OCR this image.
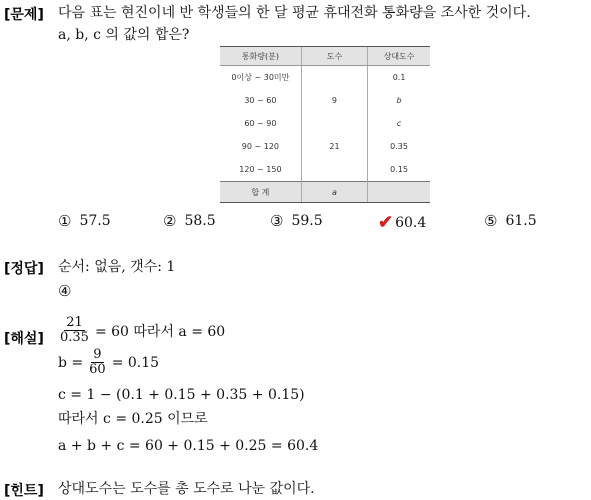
[문제] 다음 표는 현진이네 반 학생들의 한 달 평균 휴대전화 통화량을 조사한 것이다.
a, b, c 의 값의 합은?
통화량(분)	도수	상대도수
0이상 ~ 30미만		0.1
30 ~ 60	9	b
60 ~ 90		c
90 ~ 120	21	0.35
120 ~ 150		0.15
합 계	a	
① 57.5	② 58.5	③ 59.5	✔ 60.4	⑤ 61.5
[정답] 순서: 없음, 갯수: 1
④
[해설] $\frac{21}{0.35} = 60$ 따라서 a = 60
$b = \frac{9}{60} = 0.15$
c = 1 − (0.1 + 0.15 + 0.35 + 0.15)
따라서 c = 0.25 이므로
a + b + c = 60 + 0.15 + 0.25 = 60.4
[힌트] 상대도수는 도수를 총 도수로 나눈 값이다.
